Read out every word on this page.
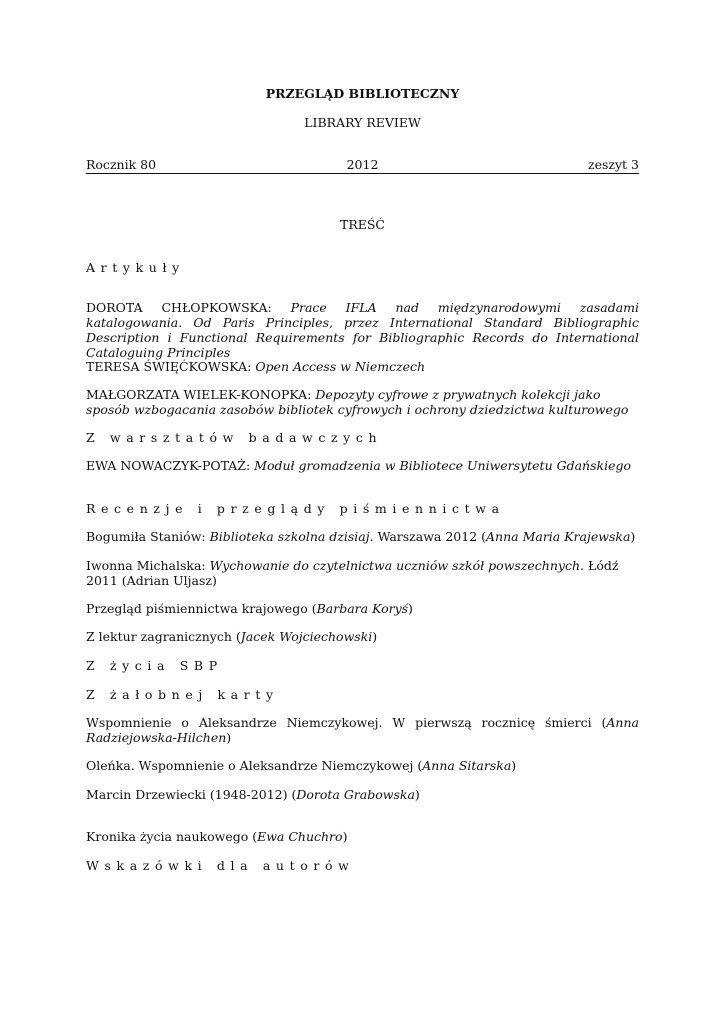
PRZEGLĄD BIBLIOTECZNY
LIBRARY REVIEW
Rocznik 80	2012	zeszyt 3
TREŚĆ
Artykuły
DOROTA CHŁOPKOWSKA: Prace IFLA nad międzynarodowymi zasadami katalogowania. Od Paris Principles, przez International Standard Bibliographic Description i Functional Requirements for Bibliographic Records do International Cataloguing Principles
TERESA ŚWIĘĆKOWSKA: Open Access w Niemczech
MAŁGORZATA WIELEK-KONOPKA: Depozyty cyfrowe z prywatnych kolekcji jako sposób wzbogacania zasobów bibliotek cyfrowych i ochrony dziedzictwa kulturowego
Z warsztatów badawczych
EWA NOWACZYK-POTAŻ: Moduł gromadzenia w Bibliotece Uniwersytetu Gdańskiego
Recenzje i przeglądy piśmiennictwa
Bogumiła Staniów: Biblioteka szkolna dzisiaj. Warszawa 2012 (Anna Maria Krajewska)
Iwonna Michalska: Wychowanie do czytelnictwa uczniów szkół powszechnych. Łódź 2011 (Adrian Uljasz)
Przegląd piśmiennictwa krajowego (Barbara Koryś)
Z lektur zagranicznych (Jacek Wojciechowski)
Z życia SBP
Z żałobnej karty
Wspomnienie o Aleksandrze Niemczykowej. W pierwszą rocznicę śmierci (Anna Radziejowska-Hilchen)
Oleńka. Wspomnienie o Aleksandrze Niemczykowej (Anna Sitarska)
Marcin Drzewiecki (1948-2012) (Dorota Grabowska)
Kronika życia naukowego (Ewa Chuchro)
Wskazówki dla autorów
